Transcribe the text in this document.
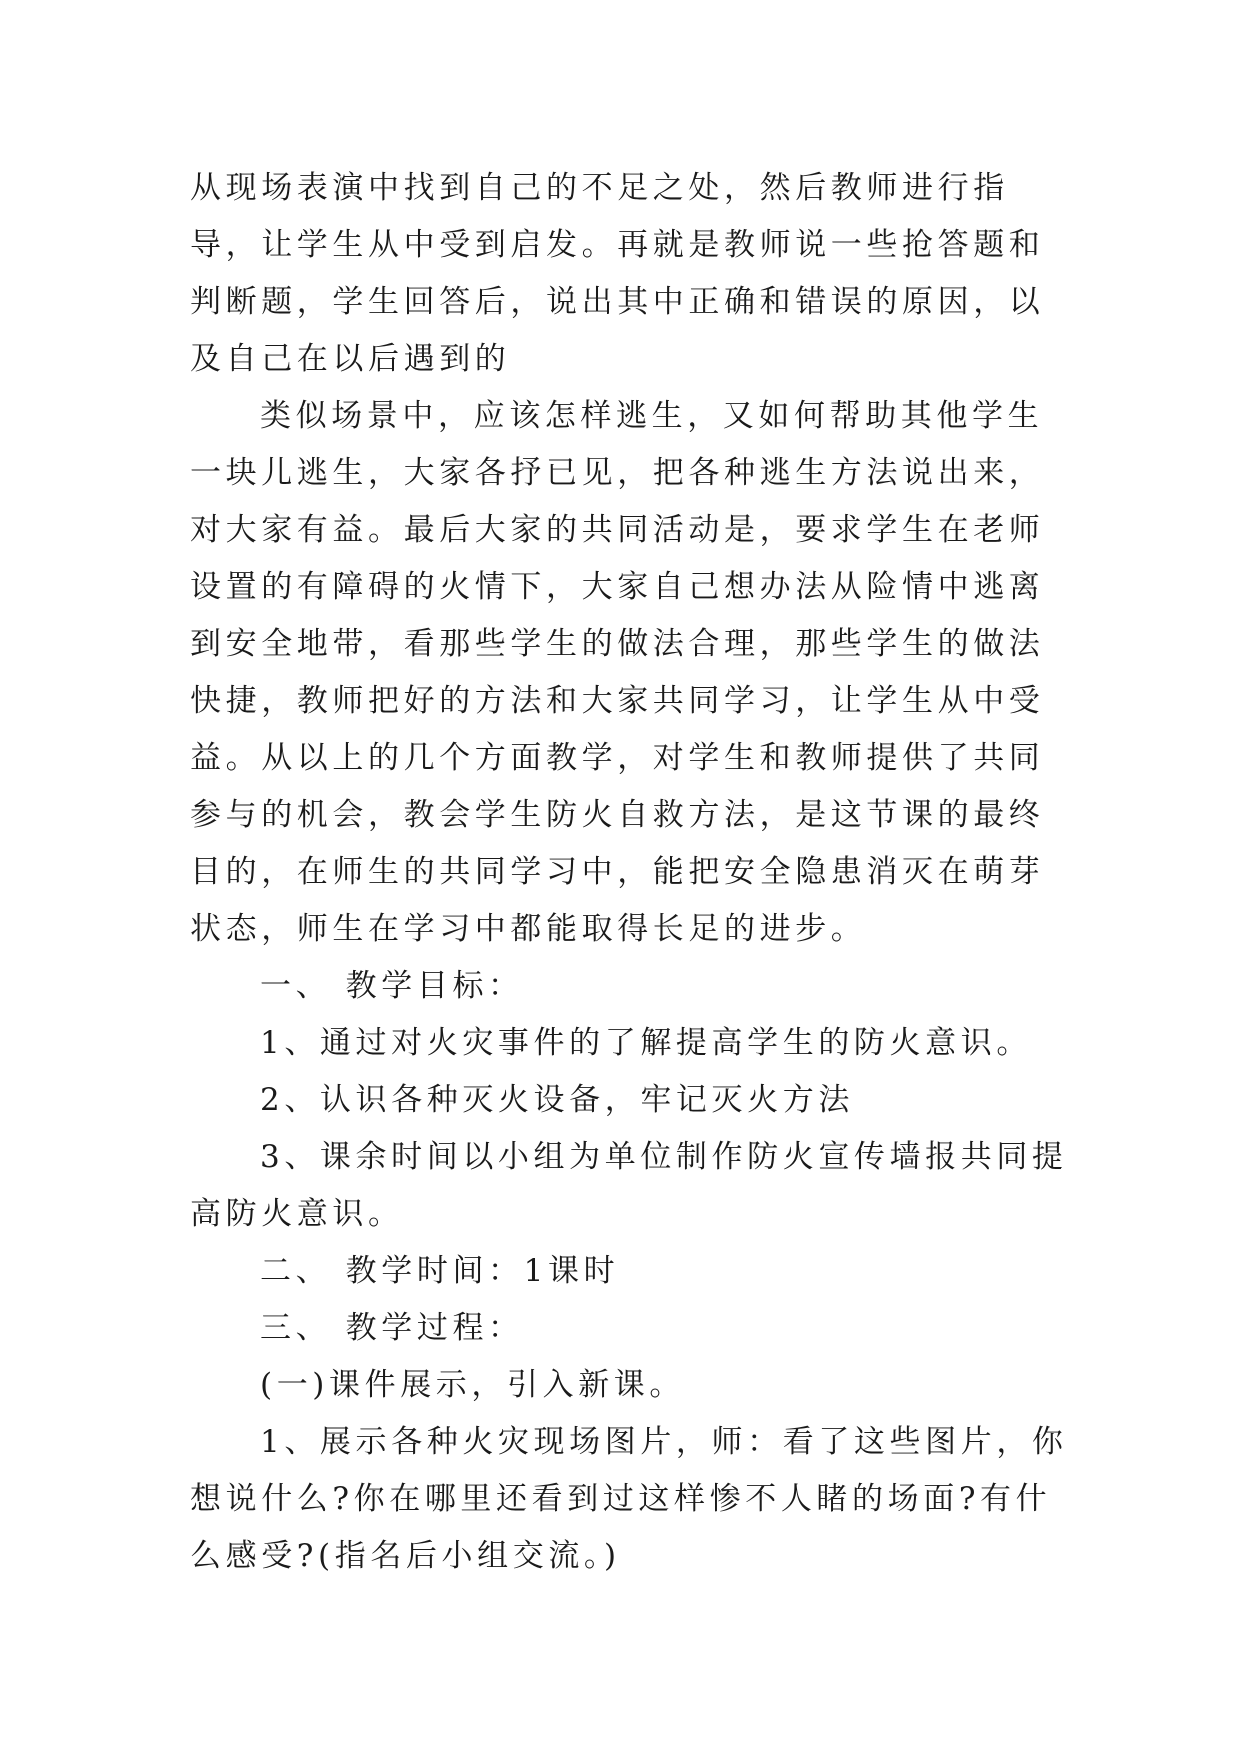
从现场表演中找到自己的不足之处，然后教师进行指导，让学生从中受到启发。再就是教师说一些抢答题和判断题，学生回答后，说出其中正确和错误的原因，以及自己在以后遇到的

类似场景中，应该怎样逃生，又如何帮助其他学生一块儿逃生，大家各抒已见，把各种逃生方法说出来，对大家有益。最后大家的共同活动是，要求学生在老师设置的有障碍的火情下，大家自己想办法从险情中逃离到安全地带，看那些学生的做法合理，那些学生的做法快捷，教师把好的方法和大家共同学习，让学生从中受益。从以上的几个方面教学，对学生和教师提供了共同参与的机会，教会学生防火自救方法，是这节课的最终目的，在师生的共同学习中，能把安全隐患消灭在萌芽状态，师生在学习中都能取得长足的进步。

一、 教学目标：

1、通过对火灾事件的了解提高学生的防火意识。

2、认识各种灭火设备，牢记灭火方法

3、课余时间以小组为单位制作防火宣传墙报共同提高防火意识。

二、 教学时间：1课时

三、 教学过程：

(一)课件展示，引入新课。

1、展示各种火灾现场图片，师：看了这些图片，你想说什么?你在哪里还看到过这样惨不人睹的场面?有什么感受?(指名后小组交流。)
